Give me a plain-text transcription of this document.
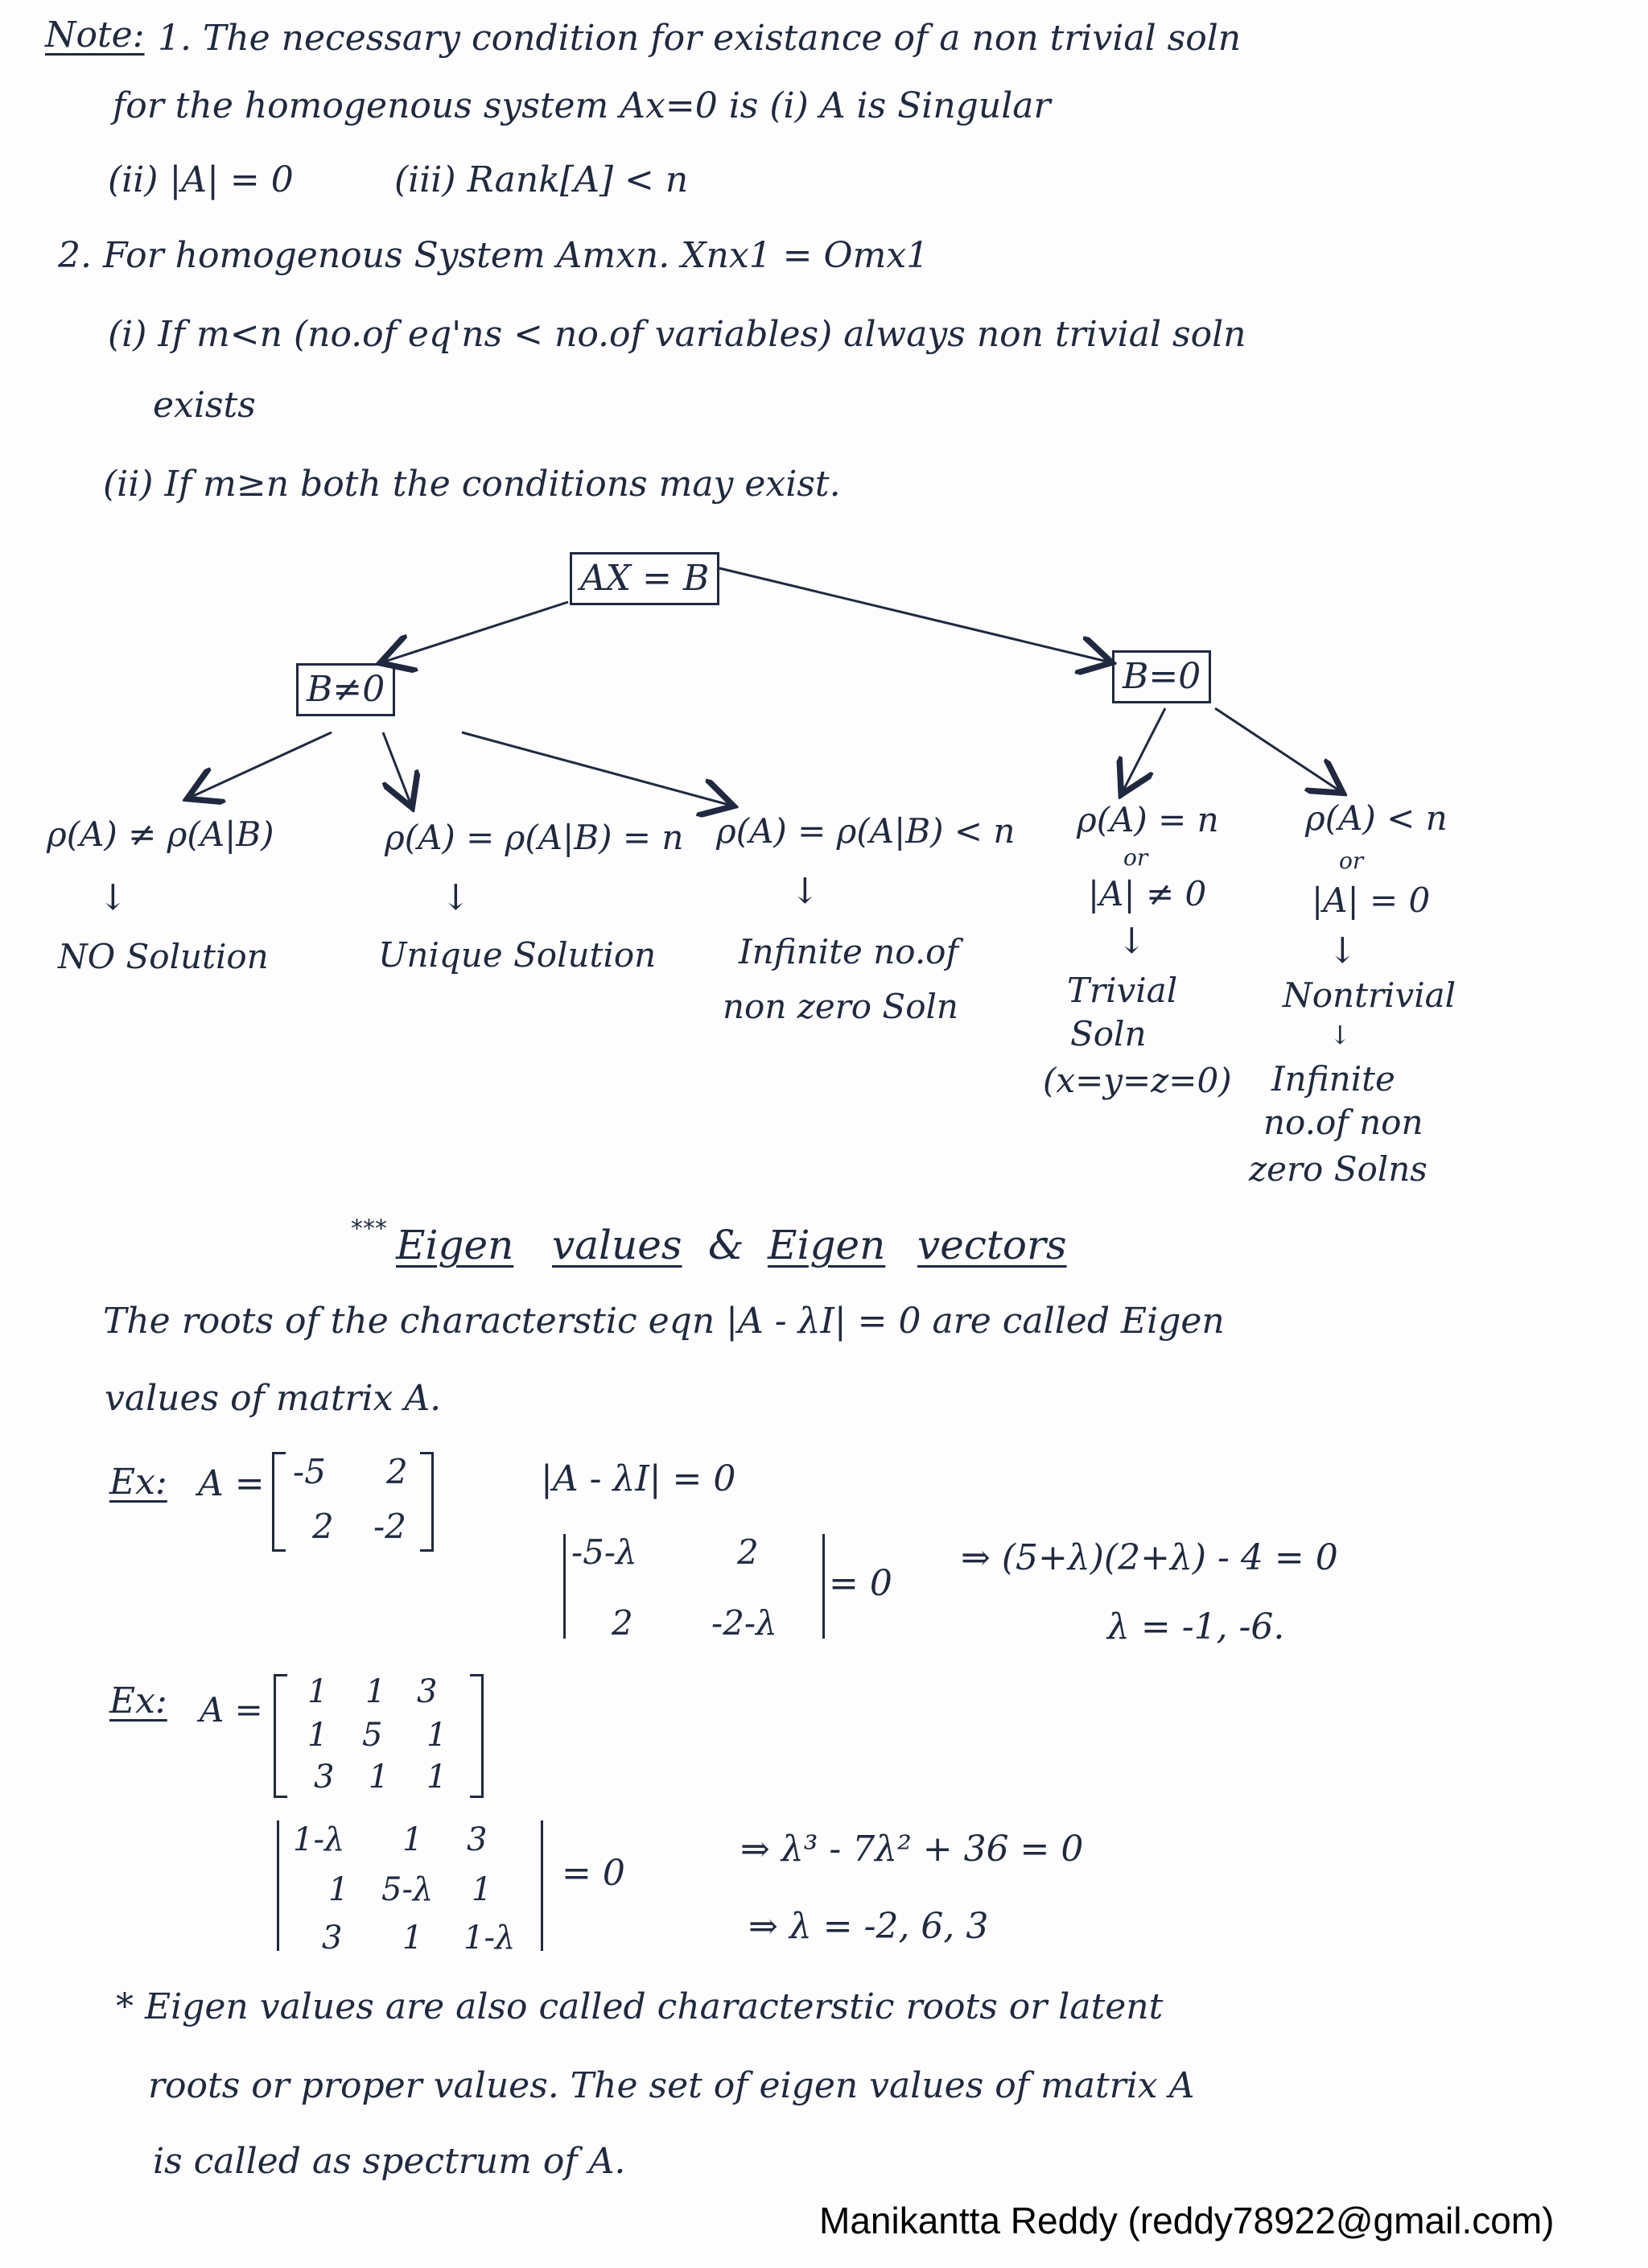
Note: 1. The necessary condition for existance of a non trivial soln
for the homogenous system Ax=0 is (i) A is Singular
(ii) |A| = 0	(iii) Rank[A] < n
2. For homogenous System Amxn. Xnx1 = Omx1
(i) If m<n (no.of eq'ns < no.of variables) always non trivial soln
exists
(ii) If m≥n both the conditions may exist.
AX = B
B≠0	B=0
ρ(A) ≠ ρ(A|B)
↓
NO Solution
ρ(A) = ρ(A|B) = n
↓
Unique Solution
ρ(A) = ρ(A|B) < n
↓
Infinite no.of
non zero Soln
ρ(A) = n
or
|A| ≠ 0
↓
Trivial
Soln
(x=y=z=0)
ρ(A) < n
or
|A| = 0
↓
Nontrivial
↓
Infinite
no.of non
zero Solns
⁎⁎⁎
Eigen values & Eigen vectors
The roots of the characterstic eqn |A - λI| = 0 are called Eigen
values of matrix A.
Ex: A = -5 2
2 -2
|A - λI| = 0
-5-λ	2
2 -2-λ
= 0
⇒ (5+λ)(2+λ) - 4 = 0
λ = -1, -6.
Ex: A = 1 1 3
1 5 1
3 1 1
1-λ 1 3
1 5-λ 1
3 1 1-λ
= 0
⇒ λ³ - 7λ² + 36 = 0
⇒ λ = -2, 6, 3
* Eigen values are also called characterstic roots or latent
roots or proper values. The set of eigen values of matrix A
is called as spectrum of A.
Manikantta Reddy (reddy78922@gmail.com)
